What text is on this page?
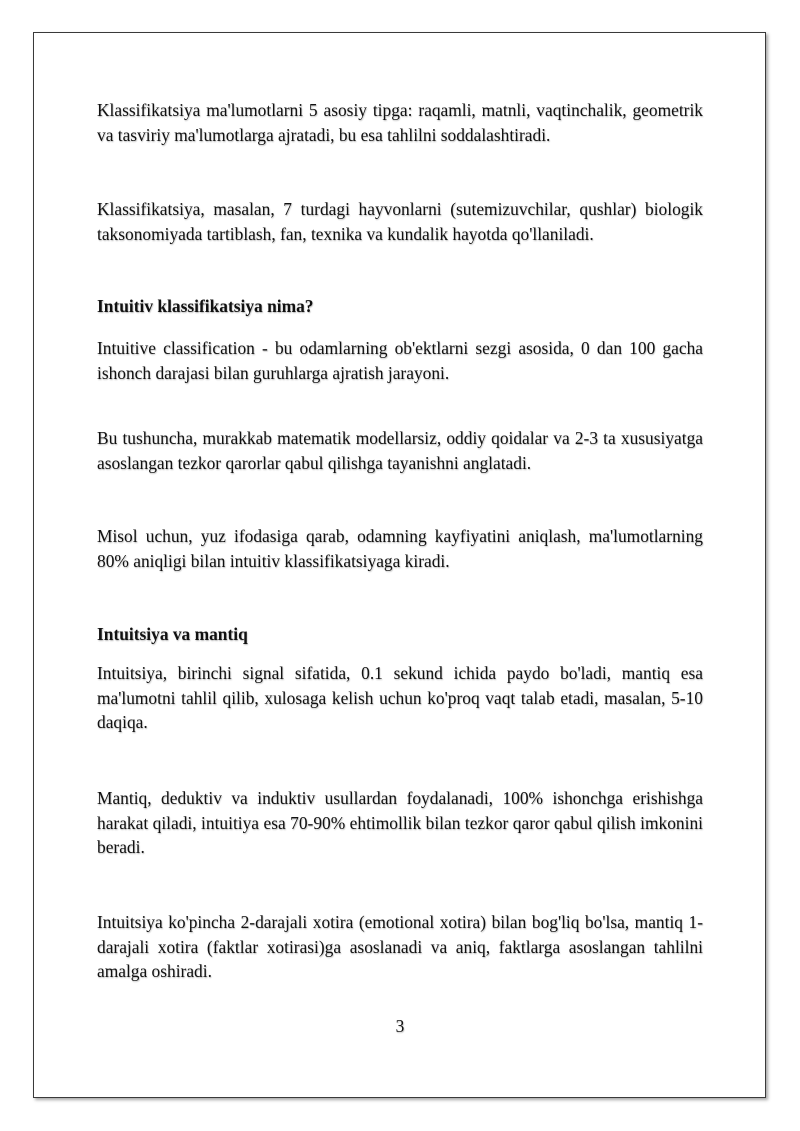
Klassifikatsiya ma'lumotlarni 5 asosiy tipga: raqamli, matnli, vaqtinchalik, geometrik va tasviriy ma'lumotlarga ajratadi, bu esa tahlilni soddalashtiradi.

Klassifikatsiya, masalan, 7 turdagi hayvonlarni (sutemizuvchilar, qushlar) biologik taksonomiyada tartiblash, fan, texnika va kundalik hayotda qo'llaniladi.

Intuitiv klassifikatsiya nima?

Intuitive classification - bu odamlarning ob'ektlarni sezgi asosida, 0 dan 100 gacha ishonch darajasi bilan guruhlarga ajratish jarayoni.

Bu tushuncha, murakkab matematik modellarsiz, oddiy qoidalar va 2-3 ta xususiyatga asoslangan tezkor qarorlar qabul qilishga tayanishni anglatadi.

Misol uchun, yuz ifodasiga qarab, odamning kayfiyatini aniqlash, ma'lumotlarning 80% aniqligi bilan intuitiv klassifikatsiyaga kiradi.

Intuitsiya va mantiq

Intuitsiya, birinchi signal sifatida, 0.1 sekund ichida paydo bo'ladi, mantiq esa ma'lumotni tahlil qilib, xulosaga kelish uchun ko'proq vaqt talab etadi, masalan, 5-10 daqiqa.

Mantiq, deduktiv va induktiv usullardan foydalanadi, 100% ishonchga erishishga harakat qiladi, intuitiya esa 70-90% ehtimollik bilan tezkor qaror qabul qilish imkonini beradi.

Intuitsiya ko'pincha 2-darajali xotira (emotional xotira) bilan bog'liq bo'lsa, mantiq 1-darajali xotira (faktlar xotirasi)ga asoslanadi va aniq, faktlarga asoslangan tahlilni amalga oshiradi.

3
